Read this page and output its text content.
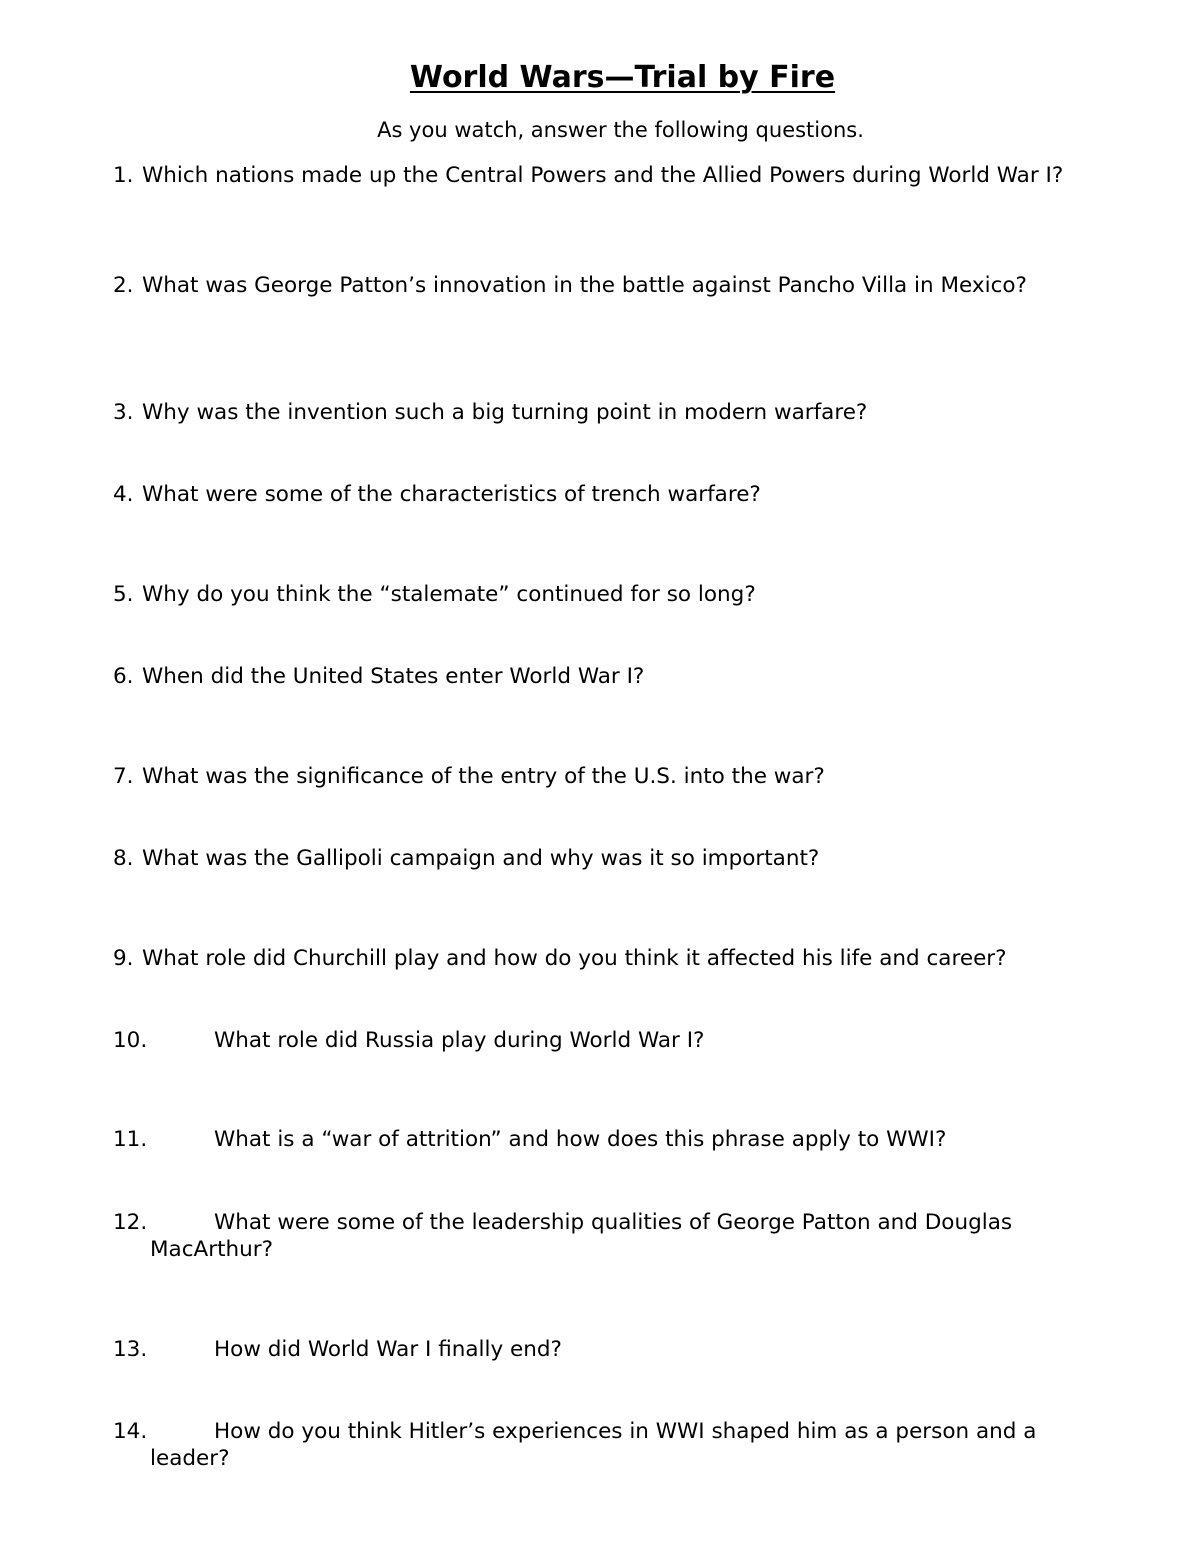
World Wars—Trial by Fire

As you watch, answer the following questions.

1. Which nations made up the Central Powers and the Allied Powers during World War I?
2. What was George Patton’s innovation in the battle against Pancho Villa in Mexico?
3. Why was the invention such a big turning point in modern warfare?
4. What were some of the characteristics of trench warfare?
5. Why do you think the “stalemate” continued for so long?
6. When did the United States enter World War I?
7. What was the significance of the entry of the U.S. into the war?
8. What was the Gallipoli campaign and why was it so important?
9. What role did Churchill play and how do you think it affected his life and career?
10.	What role did Russia play during World War I?
11.	What is a “war of attrition” and how does this phrase apply to WWI?
12.	What were some of the leadership qualities of George Patton and Douglas MacArthur?
13.	How did World War I finally end?
14.	How do you think Hitler’s experiences in WWI shaped him as a person and a leader?
